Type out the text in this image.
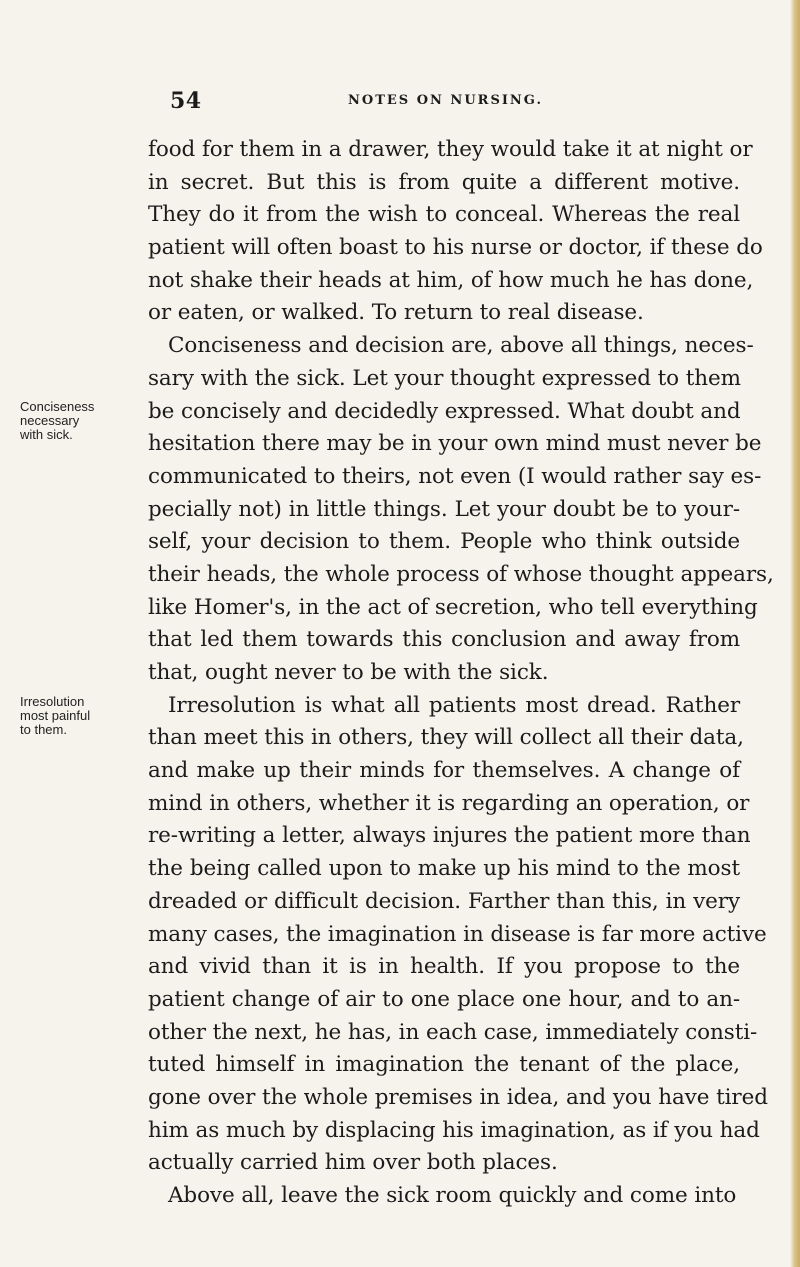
54	NOTES ON NURSING.
Conciseness
necessary
with sick.
Irresolution
most painful
to them.
food for them in a drawer, they would take it at night or
in secret. But this is from quite a different motive.
They do it from the wish to conceal. Whereas the real
patient will often boast to his nurse or doctor, if these do
not shake their heads at him, of how much he has done,
or eaten, or walked. To return to real disease.
Conciseness and decision are, above all things, neces-
sary with the sick. Let your thought expressed to them
be concisely and decidedly expressed. What doubt and
hesitation there may be in your own mind must never be
communicated to theirs, not even (I would rather say es-
pecially not) in little things. Let your doubt be to your-
self, your decision to them. People who think outside
their heads, the whole process of whose thought appears,
like Homer's, in the act of secretion, who tell everything
that led them towards this conclusion and away from
that, ought never to be with the sick.
Irresolution is what all patients most dread. Rather
than meet this in others, they will collect all their data,
and make up their minds for themselves. A change of
mind in others, whether it is regarding an operation, or
re-writing a letter, always injures the patient more than
the being called upon to make up his mind to the most
dreaded or difficult decision. Farther than this, in very
many cases, the imagination in disease is far more active
and vivid than it is in health. If you propose to the
patient change of air to one place one hour, and to an-
other the next, he has, in each case, immediately consti-
tuted himself in imagination the tenant of the place,
gone over the whole premises in idea, and you have tired
him as much by displacing his imagination, as if you had
actually carried him over both places.
Above all, leave the sick room quickly and come into
